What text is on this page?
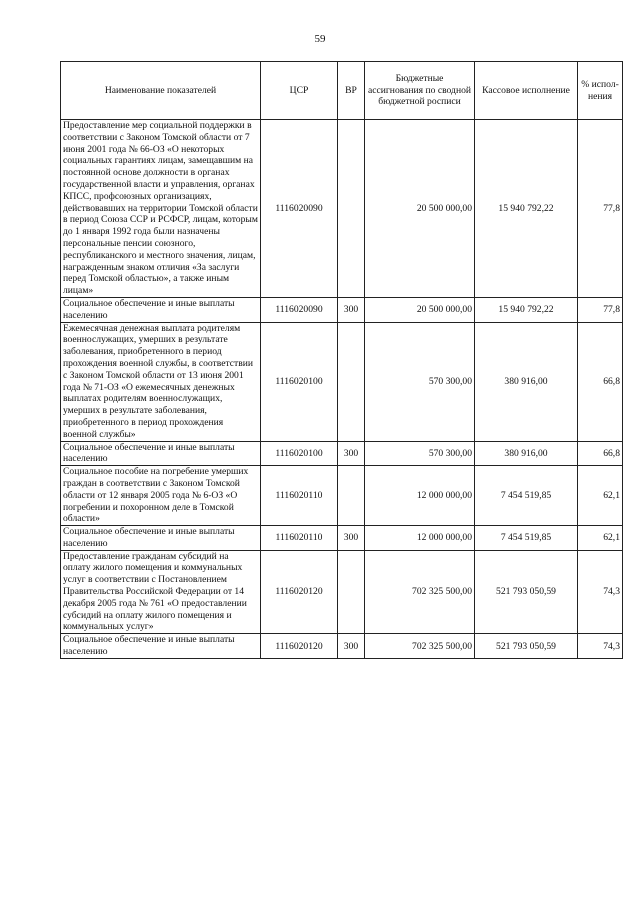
59
Наименование показателей	ЦСР	ВР	Бюджетные ассигнования по сводной бюджетной росписи	Кассовое исполнение	% испол-нения
Предоставление мер социальной поддержки в соответствии с Законом Томской области от 7 июня 2001 года № 66-ОЗ «О некоторых социальных гарантиях лицам, замещавшим на постоянной основе должности в органах государственной власти и управления, органах КПСС, профсоюзных организациях, действовавших на территории Томской области в период Союза ССР и РСФСР, лицам, которым до 1 января 1992 года были назначены персональные пенсии союзного, республиканского и местного значения, лицам, награжденным знаком отличия «За заслуги перед Томской областью», а также иным лицам»	1116020090		20 500 000,00	15 940 792,22	77,8
Социальное обеспечение и иные выплаты населению	1116020090	300	20 500 000,00	15 940 792,22	77,8
Ежемесячная денежная выплата родителям военнослужащих, умерших в результате заболевания, приобретенного в период прохождения военной службы, в соответствии с Законом Томской области от 13 июня 2001 года № 71-ОЗ «О ежемесячных денежных выплатах родителям военнослужащих, умерших в результате заболевания, приобретенного в период прохождения военной службы»	1116020100		570 300,00	380 916,00	66,8
Социальное обеспечение и иные выплаты населению	1116020100	300	570 300,00	380 916,00	66,8
Социальное пособие на погребение умерших граждан в соответствии с Законом Томской области от 12 января 2005 года № 6-ОЗ «О погребении и похоронном деле в Томской области»	1116020110		12 000 000,00	7 454 519,85	62,1
Социальное обеспечение и иные выплаты населению	1116020110	300	12 000 000,00	7 454 519,85	62,1
Предоставление гражданам субсидий на оплату жилого помещения и коммунальных услуг в соответствии с Постановлением Правительства Российской Федерации от 14 декабря 2005 года № 761 «О предоставлении субсидий на оплату жилого помещения и коммунальных услуг»	1116020120		702 325 500,00	521 793 050,59	74,3
Социальное обеспечение и иные выплаты населению	1116020120	300	702 325 500,00	521 793 050,59	74,3
